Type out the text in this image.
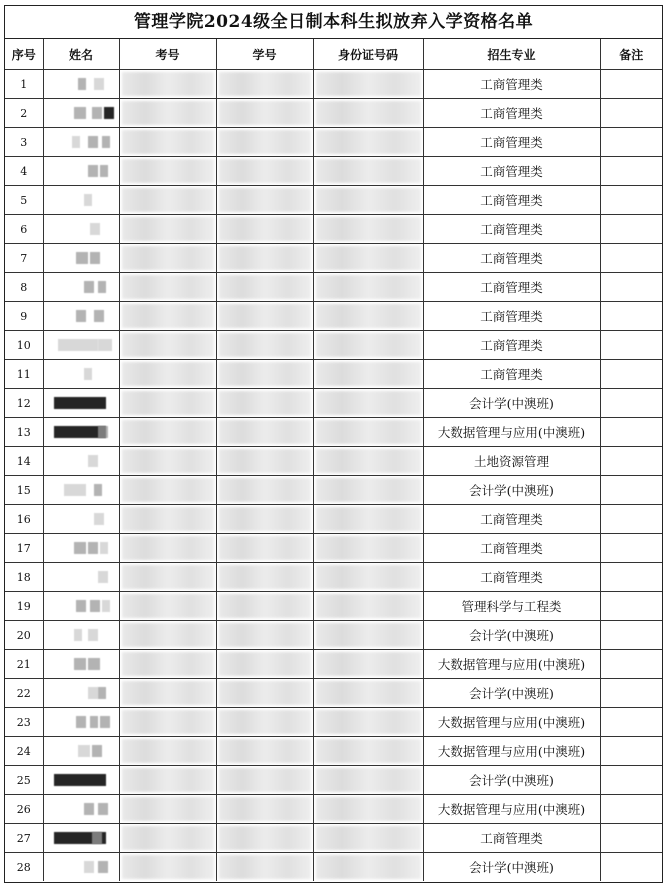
管理学院2024级全日制本科生拟放弃入学资格名单
序号	姓名	考号	学号	身份证号码	招生专业	备注
1					工商管理类	
2					工商管理类	
3					工商管理类	
4					工商管理类	
5					工商管理类	
6					工商管理类	
7					工商管理类	
8					工商管理类	
9					工商管理类	
10					工商管理类	
11					工商管理类	
12					会计学(中澳班)	
13					大数据管理与应用(中澳班)	
14					土地资源管理	
15					会计学(中澳班)	
16					工商管理类	
17					工商管理类	
18					工商管理类	
19					管理科学与工程类	
20					会计学(中澳班)	
21					大数据管理与应用(中澳班)	
22					会计学(中澳班)	
23					大数据管理与应用(中澳班)	
24					大数据管理与应用(中澳班)	
25					会计学(中澳班)	
26					大数据管理与应用(中澳班)	
27					工商管理类	
28					会计学(中澳班)	
